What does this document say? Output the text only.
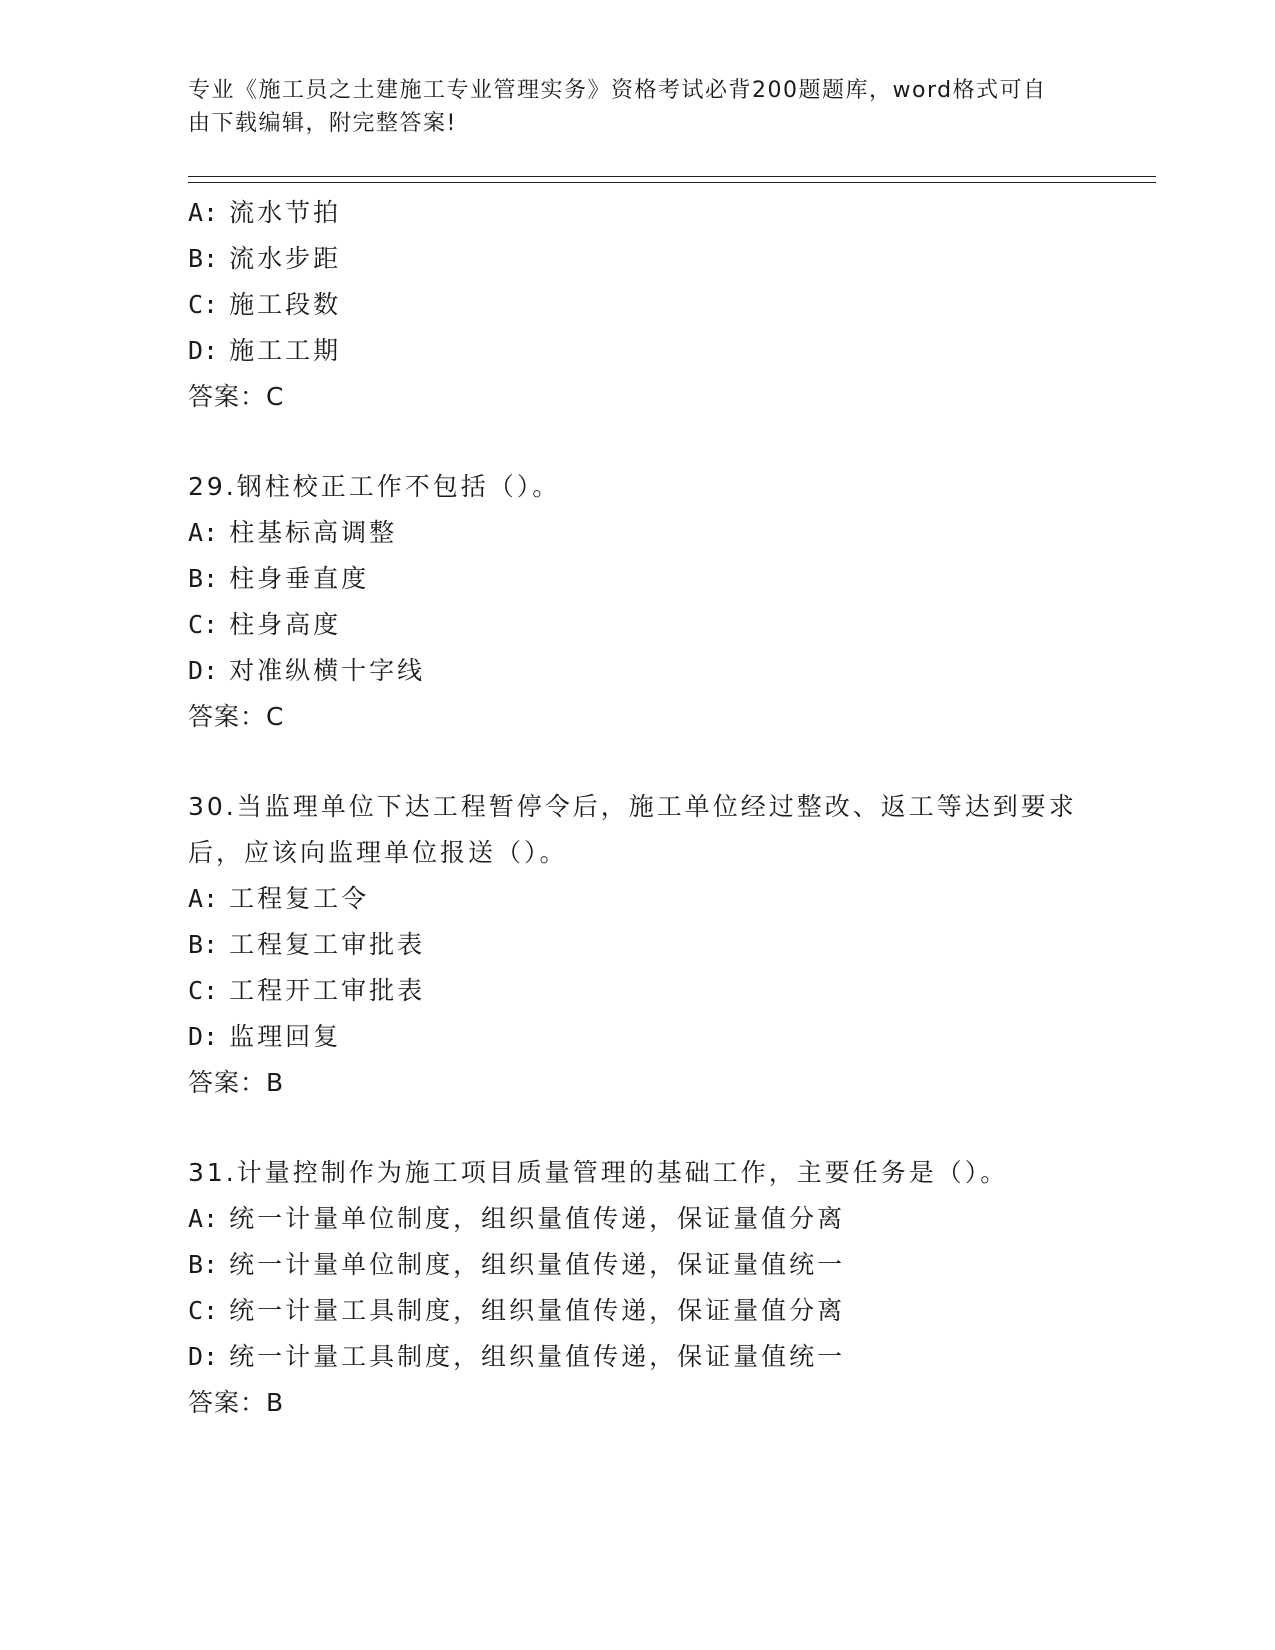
专业《施工员之土建施工专业管理实务》资格考试必背200题题库，word格式可自由下载编辑，附完整答案!
A: 流水节拍
B: 流水步距
C: 施工段数
D: 施工工期
答案：C
29.钢柱校正工作不包括（）。
A: 柱基标高调整
B: 柱身垂直度
C: 柱身高度
D: 对准纵横十字线
答案：C
30.当监理单位下达工程暂停令后，施工单位经过整改、返工等达到要求后，应该向监理单位报送（）。
A: 工程复工令
B: 工程复工审批表
C: 工程开工审批表
D: 监理回复
答案：B
31.计量控制作为施工项目质量管理的基础工作，主要任务是（）。
A: 统一计量单位制度，组织量值传递，保证量值分离
B: 统一计量单位制度，组织量值传递，保证量值统一
C: 统一计量工具制度，组织量值传递，保证量值分离
D: 统一计量工具制度，组织量值传递，保证量值统一
答案：B
